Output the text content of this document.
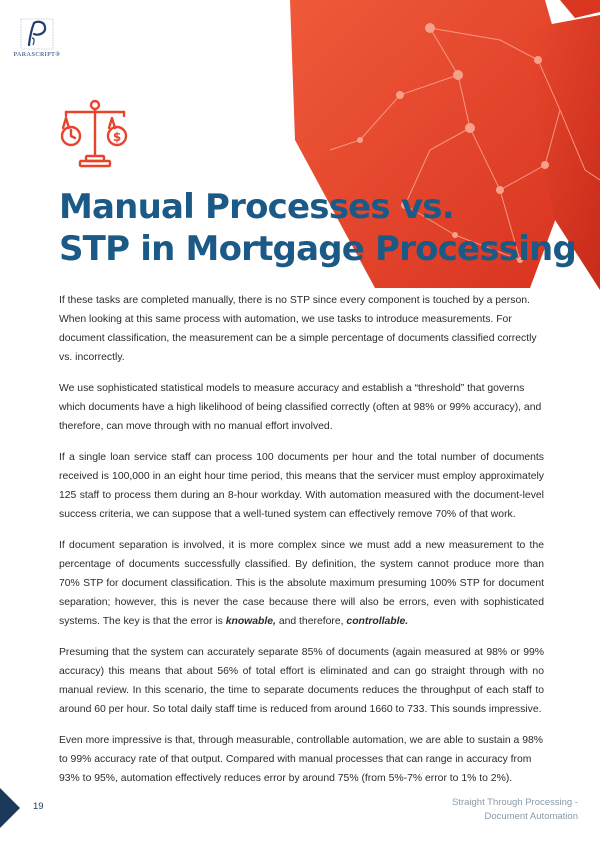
PARASCRIPT®
$
Manual Processes vs.
STP in Mortgage Processing

If these tasks are completed manually, there is no STP since every component is touched by a person. When looking at this same process with automation, we use tasks to introduce measurements. For document classification, the measurement can be a simple percentage of documents classified correctly vs. incorrectly.

We use sophisticated statistical models to measure accuracy and establish a “threshold” that governs which documents have a high likelihood of being classified correctly (often at 98% or 99% accuracy), and therefore, can move through with no manual effort involved.

If a single loan service staff can process 100 documents per hour and the total number of documents received is 100,000 in an eight hour time period, this means that the servicer must employ approximately 125 staff to process them during an 8-hour workday. With automation measured with the document-level success criteria, we can suppose that a well-tuned system can effectively remove 70% of that work.

If document separation is involved, it is more complex since we must add a new measurement to the percentage of documents successfully classified. By definition, the system cannot produce more than 70% STP for document classification. This is the absolute maximum presuming 100% STP for document separation; however, this is never the case because there will also be errors, even with sophisticated systems. The key is that the error is knowable, and therefore, controllable.

Presuming that the system can accurately separate 85% of documents (again measured at 98% or 99% accuracy) this means that about 56% of total effort is eliminated and can go straight through with no manual review. In this scenario, the time to separate documents reduces the throughput of each staff to around 60 per hour. So total daily staff time is reduced from around 1660 to 733. This sounds impressive.

Even more impressive is that, through measurable, controllable automation, we are able to sustain a 98% to 99% accuracy rate of that output. Compared with manual processes that can range in accuracy from 93% to 95%, automation effectively reduces error by around 75% (from 5%-7% error to 1% to 2%).

19	Straight Through Processing -
Document Automation
